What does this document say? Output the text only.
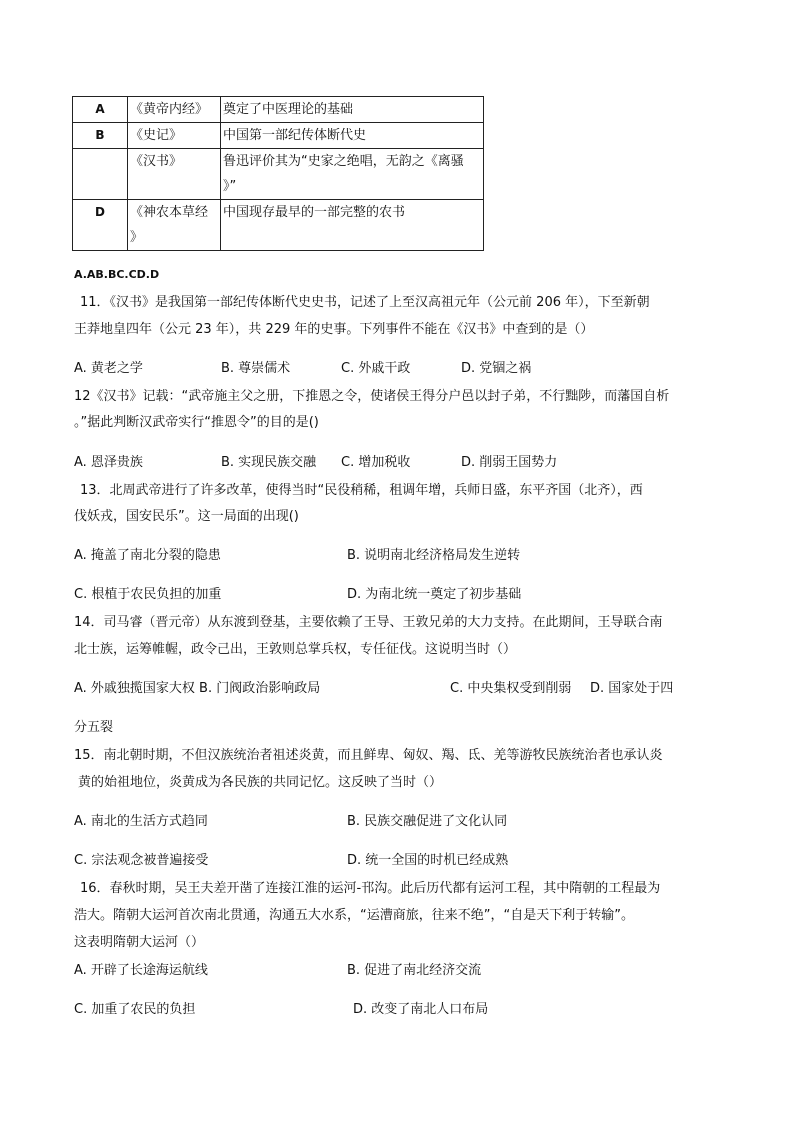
A	《黄帝内经》	奠定了中医理论的基础
B	《史记》	中国第一部纪传体断代史
	《汉书》	鲁迅评价其为“史家之绝唱，无韵之《离骚
》”
D	《神农本草经
》	中国现存最早的一部完整的农书
A.AB.BC.CD.D
11．《汉书》是我国第一部纪传体断代史史书，记述了上至汉高祖元年（公元前 206 年），下至新朝
王莽地皇四年（公元 23 年），共 229 年的史事。下列事件不能在《汉书》中查到的是（）
A. 黄老之学	B. 尊崇儒术	C. 外戚干政	D. 党锢之祸
12《汉书》记载：“武帝施主父之册，下推恩之令，使诸侯王得分户邑以封子弟，不行黜陟，而藩国自析
。”据此判断汉武帝实行“推恩令”的目的是()
A. 恩泽贵族	B. 实现民族交融 C. 增加税收	D. 削弱王国势力
13．北周武帝进行了许多改革，使得当时“民役稍稀，租调年增，兵师日盛，东平齐国（北齐），西
伐妖戎，国安民乐”。这一局面的出现()
A. 掩盖了南北分裂的隐患	B. 说明南北经济格局发生逆转
C. 根植于农民负担的加重	D. 为南北统一奠定了初步基础
14．司马睿（晋元帝）从东渡到登基，主要依赖了王导、王敦兄弟的大力支持。在此期间，王导联合南
北士族，运筹帷幄，政令己出，王敦则总掌兵权，专任征伐。这说明当时（）
A. 外戚独揽国家大权 B. 门阀政治影响政局	C. 中央集权受到削弱 D. 国家处于四
分五裂
15．南北朝时期，不但汉族统治者祖述炎黄，而且鲜卑、匈奴、羯、氐、羌等游牧民族统治者也承认炎
黄的始祖地位，炎黄成为各民族的共同记忆。这反映了当时（）
A. 南北的生活方式趋同	B. 民族交融促进了文化认同
C. 宗法观念被普遍接受	D. 统一全国的时机已经成熟
16．春秋时期，吴王夫差开凿了连接江淮的运河-邗沟。此后历代都有运河工程，其中隋朝的工程最为
浩大。隋朝大运河首次南北贯通，沟通五大水系，“运漕商旅，往来不绝”，“自是天下利于转输”。
这表明隋朝大运河（）
A. 开辟了长途海运航线	B. 促进了南北经济交流
C. 加重了农民的负担	D. 改变了南北人口布局
